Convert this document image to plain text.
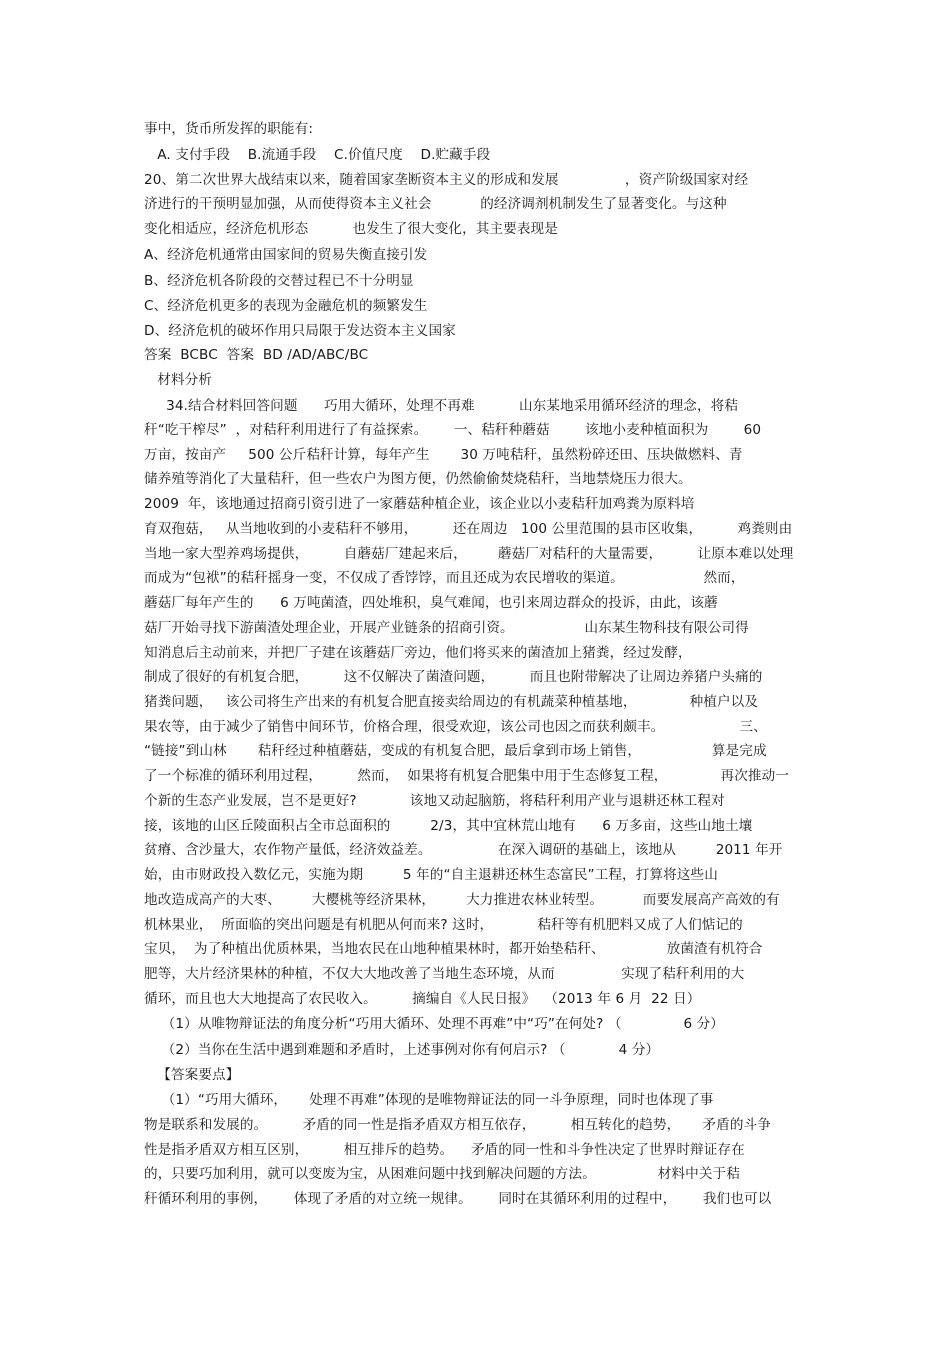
事中，货币所发挥的职能有:
A. 支付手段    B.流通手段    C.价值尺度    D.贮藏手段
20、第二次世界大战结束以来，随着国家垄断资本主义的形成和发展               ，资产阶级国家对经
济进行的干预明显加强，从而使得资本主义社会           的经济调剂机制发生了显著变化。与这种
变化相适应，经济危机形态          也发生了很大变化，其主要表现是
A、经济危机通常由国家间的贸易失衡直接引发
B、经济危机各阶段的交替过程已不十分明显
C、经济危机更多的表现为金融危机的频繁发生
D、经济危机的破坏作用只局限于发达资本主义国家
答案  BCBC  答案  BD /AD/ABC/BC
材料分析
34.结合材料回答问题      巧用大循环，处理不再难          山东某地采用循环经济的理念，将秸
秆“吃干榨尽”  ，对秸秆利用进行了有益探索。      一、秸秆种蘑菇        该地小麦种植面积为        60
万亩，按亩产     500 公斤秸秆计算，每年产生       30 万吨秸秆，虽然粉碎还田、压块做燃料、青
储养殖等消化了大量秸秆，但一些农户为图方便，仍然偷偷焚烧秸秆，当地禁烧压力很大。
2009  年，该地通过招商引资引进了一家蘑菇种植企业，该企业以小麦秸秆加鸡粪为原料培
育双孢菇，   从当地收到的小麦秸秆不够用，        还在周边   100 公里范围的县市区收集，        鸡粪则由
当地一家大型养鸡场提供，        自蘑菇厂建起来后，       蘑菇厂对秸秆的大量需要，        让原本难以处理
而成为“包袱”的秸秆摇身一变，不仅成了香饽饽，而且还成为农民增收的渠道。                  然而，
蘑菇厂每年产生的      6 万吨菌渣，四处堆积，臭气难闻，也引来周边群众的投诉，由此，该蘑
菇厂开始寻找下游菌渣处理企业，开展产业链条的招商引资。                山东某生物科技有限公司得
知消息后主动前来，并把厂子建在该蘑菇厂旁边，他们将买来的菌渣加上猪粪，经过发酵，
制成了很好的有机复合肥，        这不仅解决了菌渣问题，        而且也附带解决了让周边养猪户头痛的
猪粪问题，   该公司将生产出来的有机复合肥直接卖给周边的有机蔬菜种植基地，            种植户以及
果农等，由于减少了销售中间环节，价格合理，很受欢迎，该公司也因之而获利颇丰。                 三、
“链接”到山林       秸秆经过种植蘑菇，变成的有机复合肥，最后拿到市场上销售，                算是完成
了一个标准的循环利用过程，        然而，  如果将有机复合肥集中用于生态修复工程，            再次推动一
个新的生态产业发展，岂不是更好?            该地又动起脑筋，将秸秆利用产业与退耕还林工程对
接，该地的山区丘陵面积占全市总面积的         2/3，其中宜林荒山地有      6 万多亩，这些山地土壤
贫瘠、含沙量大，农作物产量低，经济效益差。               在深入调研的基础上，该地从         2011 年开
始，由市财政投入数亿元，实施为期         5 年的“自主退耕还林生态富民”工程，打算将这些山
地改造成高产的大枣、       大樱桃等经济果林，       大力推进农林业转型。         而要发展高产高效的有
机林果业，  所面临的突出问题是有机肥从何而来? 这时，          秸秆等有机肥料又成了人们惦记的
宝贝，  为了种植出优质林果，当地农民在山地种植果林时，都开始垫秸秆、              放菌渣有机符合
肥等，大片经济果林的种植，不仅大大地改善了当地生态环境，从而               实现了秸秆利用的大
循环，而且也大大地提高了农民收入。        摘编自《人民日报》  （2013 年 6 月  22 日）
（1）从唯物辩证法的角度分析“巧用大循环、处理不再难”中“巧”在何处? （              6 分）
（2）当你在生活中遇到难题和矛盾时，上述事例对你有何启示? （            4 分）
【答案要点】
（1）“巧用大循环，     处理不再难”体现的是唯物辩证法的同一斗争原理，同时也体现了事
物是联系和发展的。        矛盾的同一性是指矛盾双方相互依存，        相互转化的趋势，     矛盾的斗争
性是指矛盾双方相互区别，        相互排斥的趋势。    矛盾的同一性和斗争性决定了世界时辩证存在
的，只要巧加利用，就可以变废为宝，从困难问题中找到解决问题的方法。              材料中关于秸
秆循环利用的事例，      体现了矛盾的对立统一规律。      同时在其循环利用的过程中，      我们也可以
